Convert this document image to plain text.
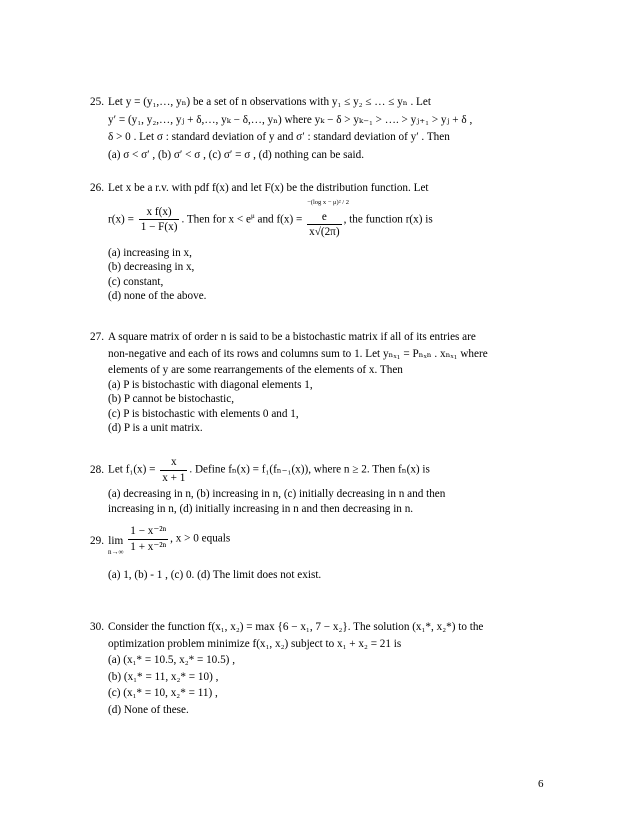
25. Let y = (y₁,…, yₙ) be a set of n observations with y₁ ≤ y₂ ≤ … ≤ yₙ . Let
y′ = (y₁, y₂,…, yⱼ + δ,…, yₖ − δ,…, yₙ) where yₖ − δ > yₖ₋₁ > …. > yⱼ₊₁ > yⱼ + δ ,
δ > 0 . Let σ : standard deviation of y and σ′ : standard deviation of y′ . Then
(a) σ < σ′ , (b) σ′ < σ , (c) σ′ = σ , (d) nothing can be said.
26. Let x be a r.v. with pdf f(x) and let F(x) be the distribution function. Let
$r(x) = \frac{\text{x f(x)}}{1 - F(x)}$ . Then for $x < e^\mu$ and f(x) = −(log x − μ)² / 2
e
x√(2π) , the function r(x) is
(a) increasing in x,
(b) decreasing in x,
(c) constant,
(d) none of the above.
27. A square matrix of order n is said to be a bistochastic matrix if all of its entries are
non-negative and each of its rows and columns sum to 1. Let yₙₓ₁ = Pₙₓₙ . xₙₓ₁ where
elements of y are some rearrangements of the elements of x. Then
(a) P is bistochastic with diagonal elements 1,
(b) P cannot be bistochastic,
(c) P is bistochastic with elements 0 and 1,
(d) P is a unit matrix.
28. Let $f_1(x) = \frac{x}{x + 1}$ . Define fₙ(x) = f₁(fₙ₋₁(x)), where n ≥ 2. Then fₙ(x) is
(a) decreasing in n, (b) increasing in n, (c) initially decreasing in n and then
increasing in n, (d) initially increasing in n and then decreasing in n.
29. lim
n→∞
$\frac{\text{1 − x⁻²ⁿ}}{\text{1 + x⁻²ⁿ}}$ , x > 0 equals
(a) 1, (b) - 1 , (c) 0. (d) The limit does not exist.
30. Consider the function f(x₁, x₂) = max {6 − x₁, 7 − x₂}. The solution (x₁*, x₂*) to the
optimization problem minimize f(x₁, x₂) subject to x₁ + x₂ = 21 is
(a) (x₁* = 10.5, x₂* = 10.5) ,
(b) (x₁* = 11, x₂* = 10) ,
(c) (x₁* = 10, x₂* = 11) ,
(d) None of these.
6
